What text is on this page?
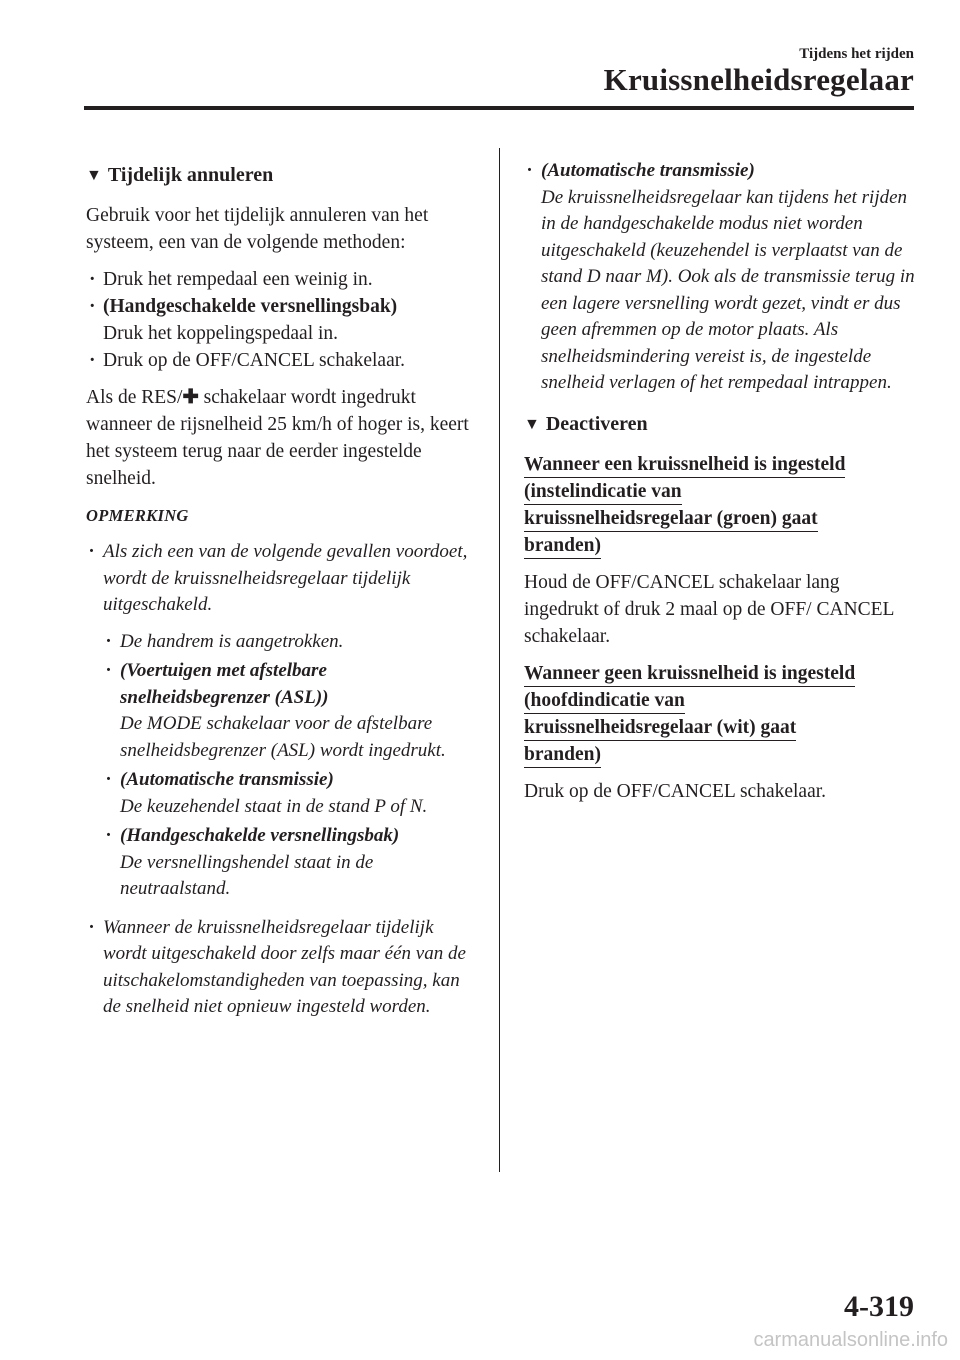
Tijdens het rijden
Kruissnelheidsregelaar
▼ Tijdelijk annuleren

Gebruik voor het tijdelijk annuleren van het systeem, een van de volgende methoden:

· Druk het rempedaal een weinig in.
· (Handgeschakelde versnellingsbak)
Druk het koppelingspedaal in.
· Druk op de OFF/CANCEL schakelaar.

Als de RES/✚ schakelaar wordt ingedrukt wanneer de rijsnelheid 25 km/h of hoger is, keert het systeem terug naar de eerder ingestelde snelheid.

OPMERKING
· Als zich een van de volgende gevallen voordoet, wordt de kruissnelheidsregelaar tijdelijk uitgeschakeld.
· De handrem is aangetrokken.
· (Voertuigen met afstelbare snelheidsbegrenzer (ASL))
De MODE schakelaar voor de afstelbare snelheidsbegrenzer (ASL) wordt ingedrukt.
· (Automatische transmissie)
De keuzehendel staat in de stand P of N.
· (Handgeschakelde versnellingsbak)
De versnellingshendel staat in de neutraalstand.
· Wanneer de kruissnelheidsregelaar tijdelijk wordt uitgeschakeld door zelfs maar één van de uitschakelomstandigheden van toepassing, kan de snelheid niet opnieuw ingesteld worden.
· (Automatische transmissie)
De kruissnelheidsregelaar kan tijdens het rijden in de handgeschakelde modus niet worden uitgeschakeld (keuzehendel is verplaatst van de stand D naar M). Ook als de transmissie terug in een lagere versnelling wordt gezet, vindt er dus geen afremmen op de motor plaats. Als snelheidsmindering vereist is, de ingestelde snelheid verlagen of het rempedaal intrappen.
▼ Deactiveren
Wanneer een kruissnelheid is ingesteld
(instelindicatie van
kruissnelheidsregelaar (groen) gaat
branden)

Houd de OFF/CANCEL schakelaar lang ingedrukt of druk 2 maal op de OFF/ CANCEL schakelaar.

Wanneer geen kruissnelheid is ingesteld
(hoofdindicatie van
kruissnelheidsregelaar (wit) gaat
branden)

Druk op de OFF/CANCEL schakelaar.

4-319
carmanualsonline.info
